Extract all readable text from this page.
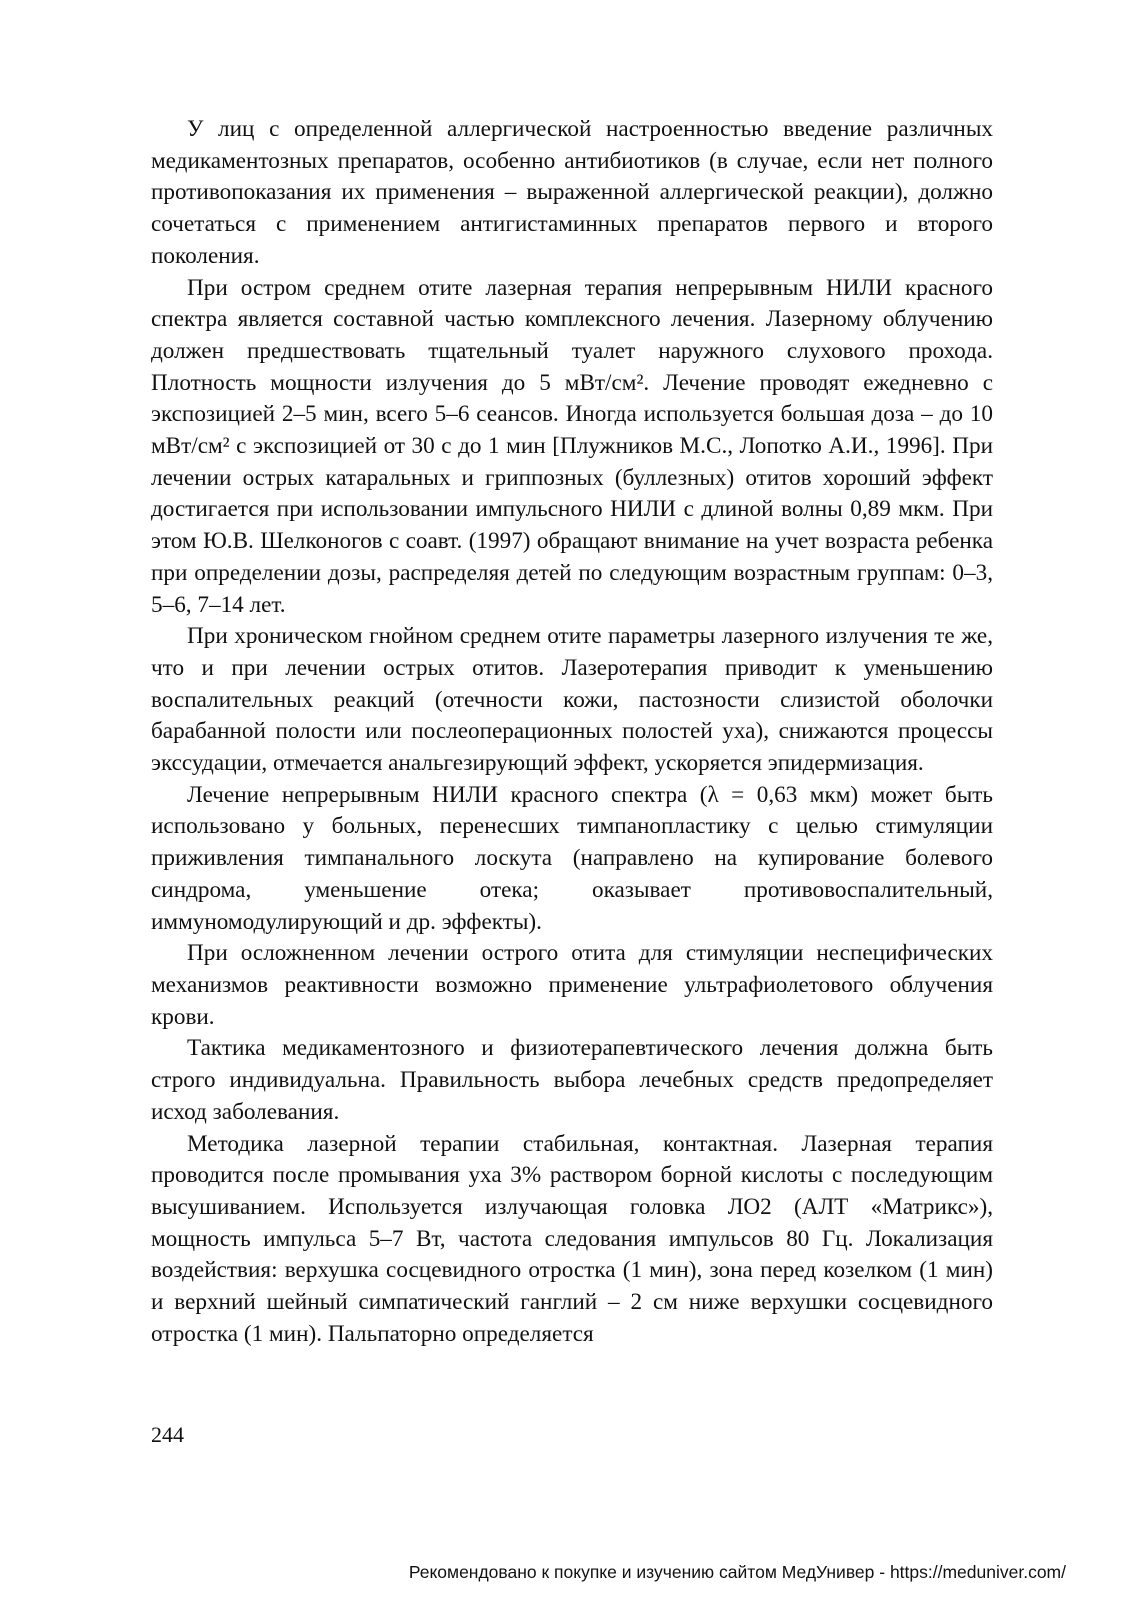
У лиц с определенной аллергической настроенностью введение различных медикаментозных препаратов, особенно антибиотиков (в случае, если нет полного противопоказания их применения – выраженной аллергической реакции), должно сочетаться с применением антигистаминных препаратов первого и второго поколения.

При остром среднем отите лазерная терапия непрерывным НИЛИ красного спектра является составной частью комплексного лечения. Лазерному облучению должен предшествовать тщательный туалет наружного слухового прохода. Плотность мощности излучения до 5 мВт/см². Лечение проводят ежедневно с экспозицией 2–5 мин, всего 5–6 сеансов. Иногда используется большая доза – до 10 мВт/см² с экспозицией от 30 с до 1 мин [Плужников М.С., Лопотко А.И., 1996]. При лечении острых катаральных и гриппозных (буллезных) отитов хороший эффект достигается при использовании импульсного НИЛИ с длиной волны 0,89 мкм. При этом Ю.В. Шелконогов с соавт. (1997) обращают внимание на учет возраста ребенка при определении дозы, распределяя детей по следующим возрастным группам: 0–3, 5–6, 7–14 лет.

При хроническом гнойном среднем отите параметры лазерного излучения те же, что и при лечении острых отитов. Лазеротерапия приводит к уменьшению воспалительных реакций (отечности кожи, пастозности слизистой оболочки барабанной полости или послеоперационных полостей уха), снижаются процессы экссудации, отмечается анальгезирующий эффект, ускоряется эпидермизация.

Лечение непрерывным НИЛИ красного спектра (λ = 0,63 мкм) может быть использовано у больных, перенесших тимпанопластику с целью стимуляции приживления тимпанального лоскута (направлено на купирование болевого синдрома, уменьшение отека; оказывает противовоспалительный, иммуномодулирующий и др. эффекты).

При осложненном лечении острого отита для стимуляции неспецифических механизмов реактивности возможно применение ультрафиолетового облучения крови.

Тактика медикаментозного и физиотерапевтического лечения должна быть строго индивидуальна. Правильность выбора лечебных средств предопределяет исход заболевания.

Методика лазерной терапии стабильная, контактная. Лазерная терапия проводится после промывания уха 3% раствором борной кислоты с последующим высушиванием. Используется излучающая головка ЛО2 (АЛТ «Матрикс»), мощность импульса 5–7 Вт, частота следования импульсов 80 Гц. Локализация воздействия: верхушка сосцевидного отростка (1 мин), зона перед козелком (1 мин) и верхний шейный симпатический ганглий – 2 см ниже верхушки сосцевидного отростка (1 мин). Пальпаторно определяется

244
Рекомендовано к покупке и изучению сайтом МедУнивер - https://meduniver.com/
